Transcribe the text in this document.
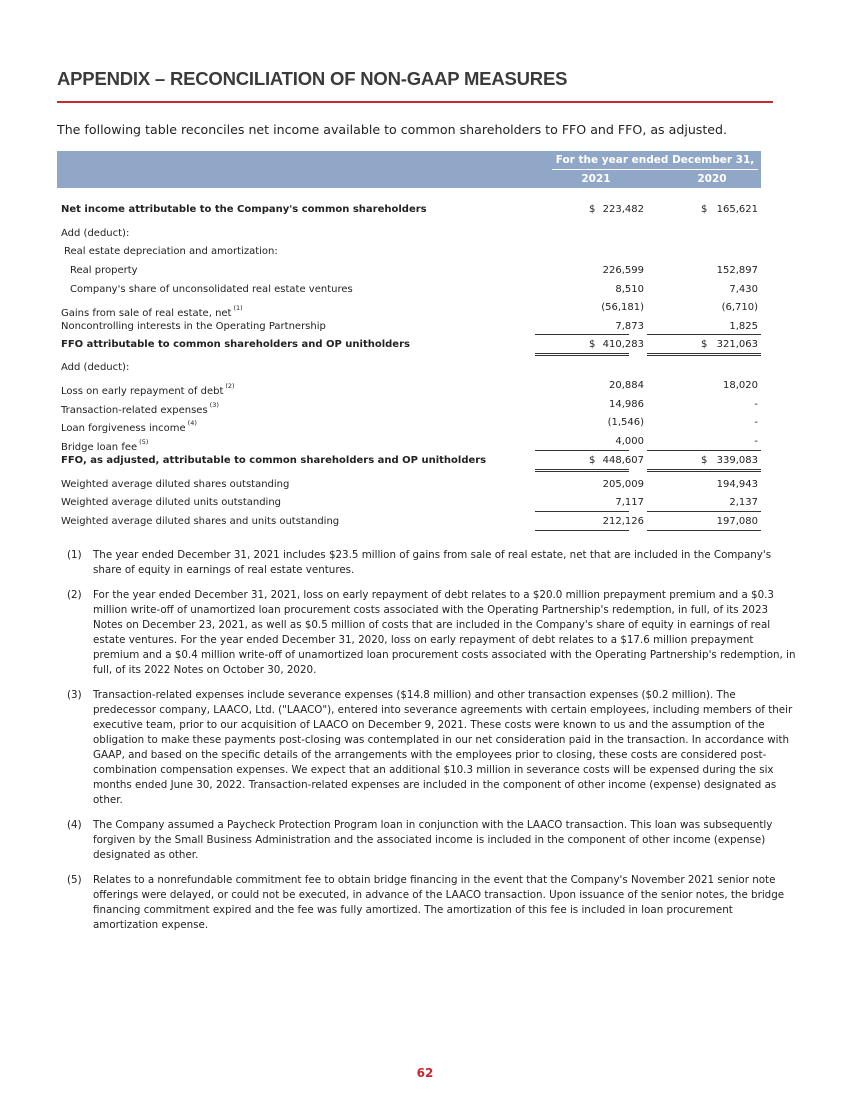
APPENDIX – RECONCILIATION OF NON-GAAP MEASURES

The following table reconciles net income available to common shareholders to FFO and FFO, as adjusted.

For the year ended December 31,
2021	2020
Net income attributable to the Company's common shareholders	$ 223,482	$ 165,621
Add (deduct):
Real estate depreciation and amortization:
Real property	226,599	152,897
Company's share of unconsolidated real estate ventures	8,510	7,430
Gains from sale of real estate, net $^{(1)}$	(56,181)	(6,710)
Noncontrolling interests in the Operating Partnership	7,873	1,825
FFO attributable to common shareholders and OP unitholders	$ 410,283	$ 321,063
Add (deduct):
Loss on early repayment of debt $^{(2)}$	20,884	18,020
Transaction-related expenses $^{(3)}$	14,986	-
Loan forgiveness income $^{(4)}$	(1,546)	-
Bridge loan fee $^{(5)}$	4,000	-
FFO, as adjusted, attributable to common shareholders and OP unitholders	$ 448,607	$ 339,083
Weighted average diluted shares outstanding	205,009	194,943
Weighted average diluted units outstanding	7,117	2,137
Weighted average diluted shares and units outstanding	212,126	197,080

(1) The year ended December 31, 2021 includes $23.5 million of gains from sale of real estate, net that are included in the Company's share of equity in earnings of real estate ventures.

(2) For the year ended December 31, 2021, loss on early repayment of debt relates to a $20.0 million prepayment premium and a $0.3 million write-off of unamortized loan procurement costs associated with the Operating Partnership's redemption, in full, of its 2023 Notes on December 23, 2021, as well as $0.5 million of costs that are included in the Company's share of equity in earnings of real estate ventures. For the year ended December 31, 2020, loss on early repayment of debt relates to a $17.6 million prepayment premium and a $0.4 million write-off of unamortized loan procurement costs associated with the Operating Partnership's redemption, in full, of its 2022 Notes on October 30, 2020.

(3) Transaction-related expenses include severance expenses ($14.8 million) and other transaction expenses ($0.2 million). The predecessor company, LAACO, Ltd. ("LAACO"), entered into severance agreements with certain employees, including members of their executive team, prior to our acquisition of LAACO on December 9, 2021. These costs were known to us and the assumption of the obligation to make these payments post-closing was contemplated in our net consideration paid in the transaction. In accordance with GAAP, and based on the specific details of the arrangements with the employees prior to closing, these costs are considered post-combination compensation expenses. We expect that an additional $10.3 million in severance costs will be expensed during the six months ended June 30, 2022. Transaction-related expenses are included in the component of other income (expense) designated as other.

(4) The Company assumed a Paycheck Protection Program loan in conjunction with the LAACO transaction. This loan was subsequently forgiven by the Small Business Administration and the associated income is included in the component of other income (expense) designated as other.

(5) Relates to a nonrefundable commitment fee to obtain bridge financing in the event that the Company's November 2021 senior note offerings were delayed, or could not be executed, in advance of the LAACO transaction. Upon issuance of the senior notes, the bridge financing commitment expired and the fee was fully amortized. The amortization of this fee is included in loan procurement amortization expense.

62
